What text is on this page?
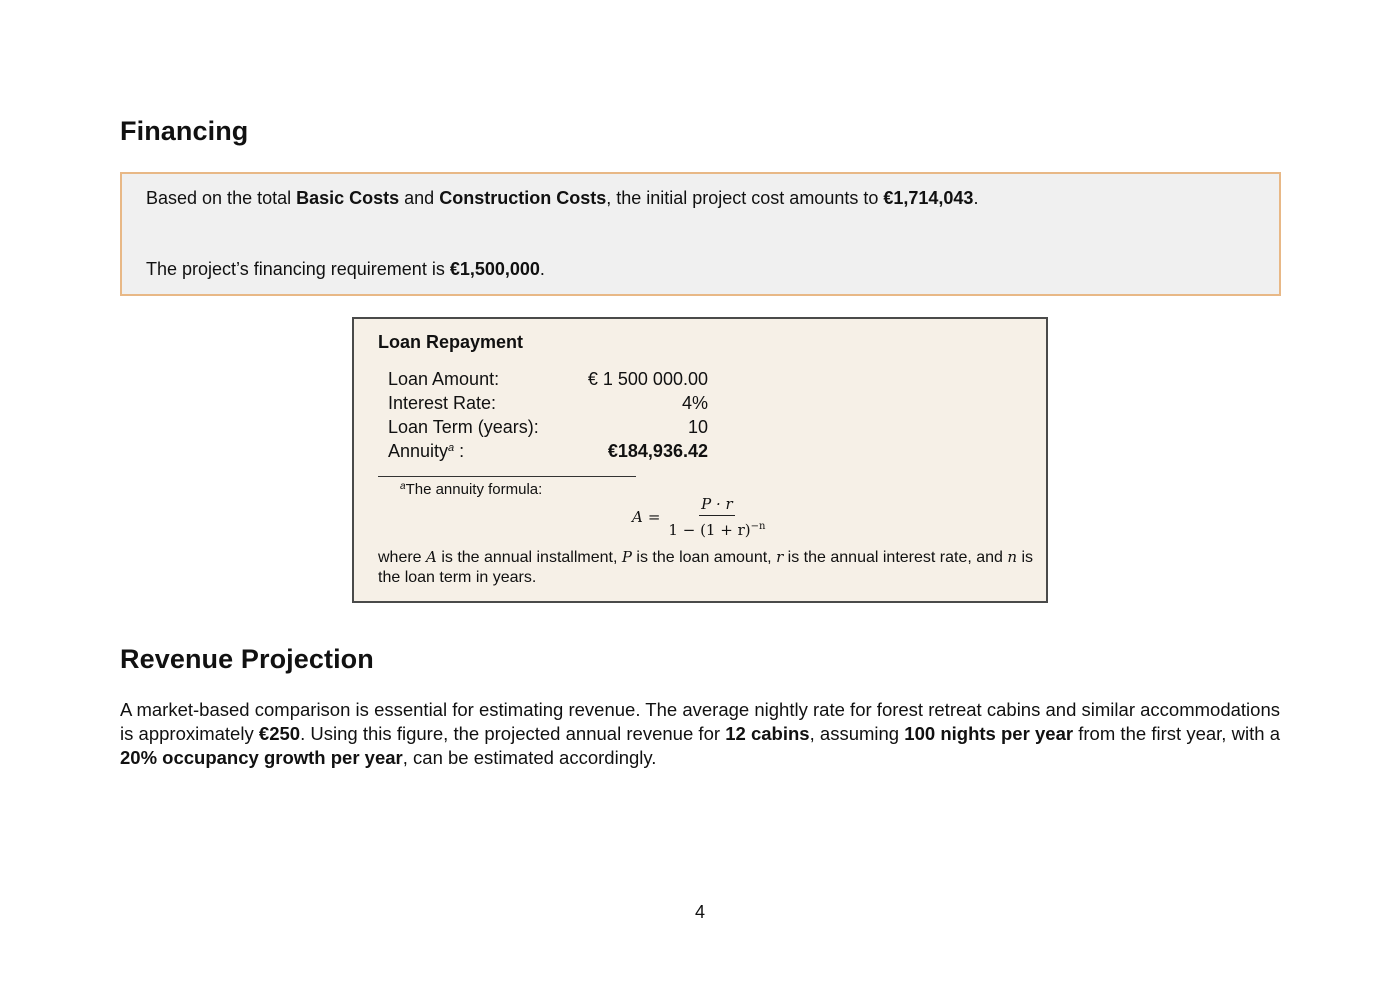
Financing

Based on the total Basic Costs and Construction Costs, the initial project cost amounts to €1,714,043.

The project’s financing requirement is €1,500,000.

Loan Repayment
Loan Amount:	€ 1 500 000.00
Interest Rate:	4%
Loan Term (years):	10
Annuity$^a$ :	€184,936.42
$^a$The annuity formula:
$A = \frac{P \cdot r}{1 - (1 + r)^{-n}}$

where A is the annual installment, P is the loan amount, r is the annual interest rate, and n is the loan term in years.

Revenue Projection

A market-based comparison is essential for estimating revenue. The average nightly rate for forest retreat cabins and similar accommodations is approximately €250. Using this figure, the projected annual revenue for 12 cabins, assuming 100 nights per year from the first year, with a 20% occupancy growth per year, can be estimated accordingly.

4
